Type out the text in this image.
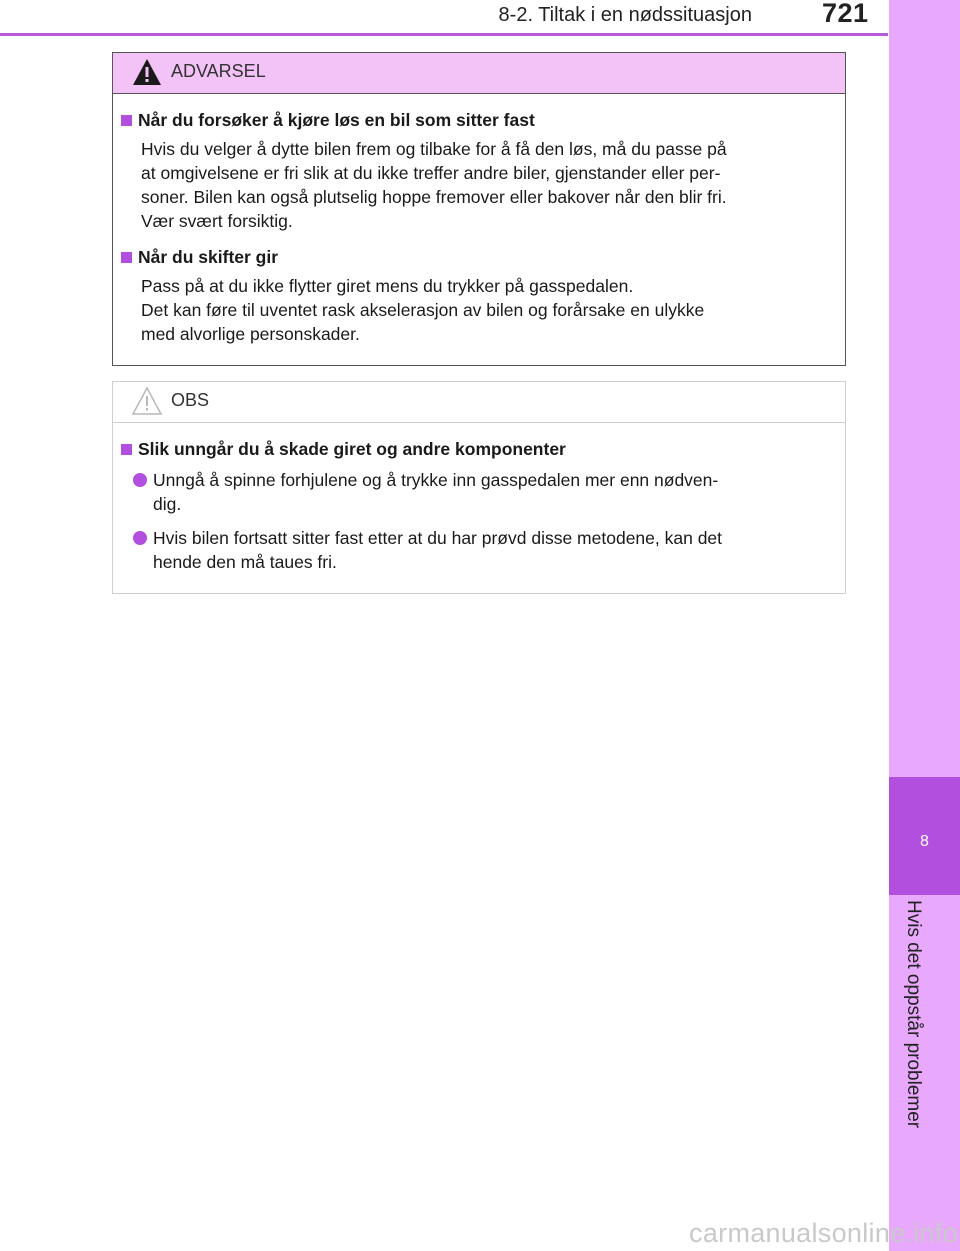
8-2. Tiltak i en nødssituasjon	721
8
Hvis det oppstår problemer
ADVARSEL
Når du forsøker å kjøre løs en bil som sitter fast

Hvis du velger å dytte bilen frem og tilbake for å få den løs, må du passe på
at omgivelsene er fri slik at du ikke treffer andre biler, gjenstander eller per-
soner. Bilen kan også plutselig hoppe fremover eller bakover når den blir fri.
Vær svært forsiktig.

Når du skifter gir

Pass på at du ikke flytter giret mens du trykker på gasspedalen.
Det kan føre til uventet rask akselerasjon av bilen og forårsake en ulykke
med alvorlige personskader.

OBS
Slik unngår du å skade giret og andre komponenter
Unngå å spinne forhjulene og å trykke inn gasspedalen mer enn nødven-
dig.
Hvis bilen fortsatt sitter fast etter at du har prøvd disse metodene, kan det
hende den må taues fri.
carmanualsonline.info
